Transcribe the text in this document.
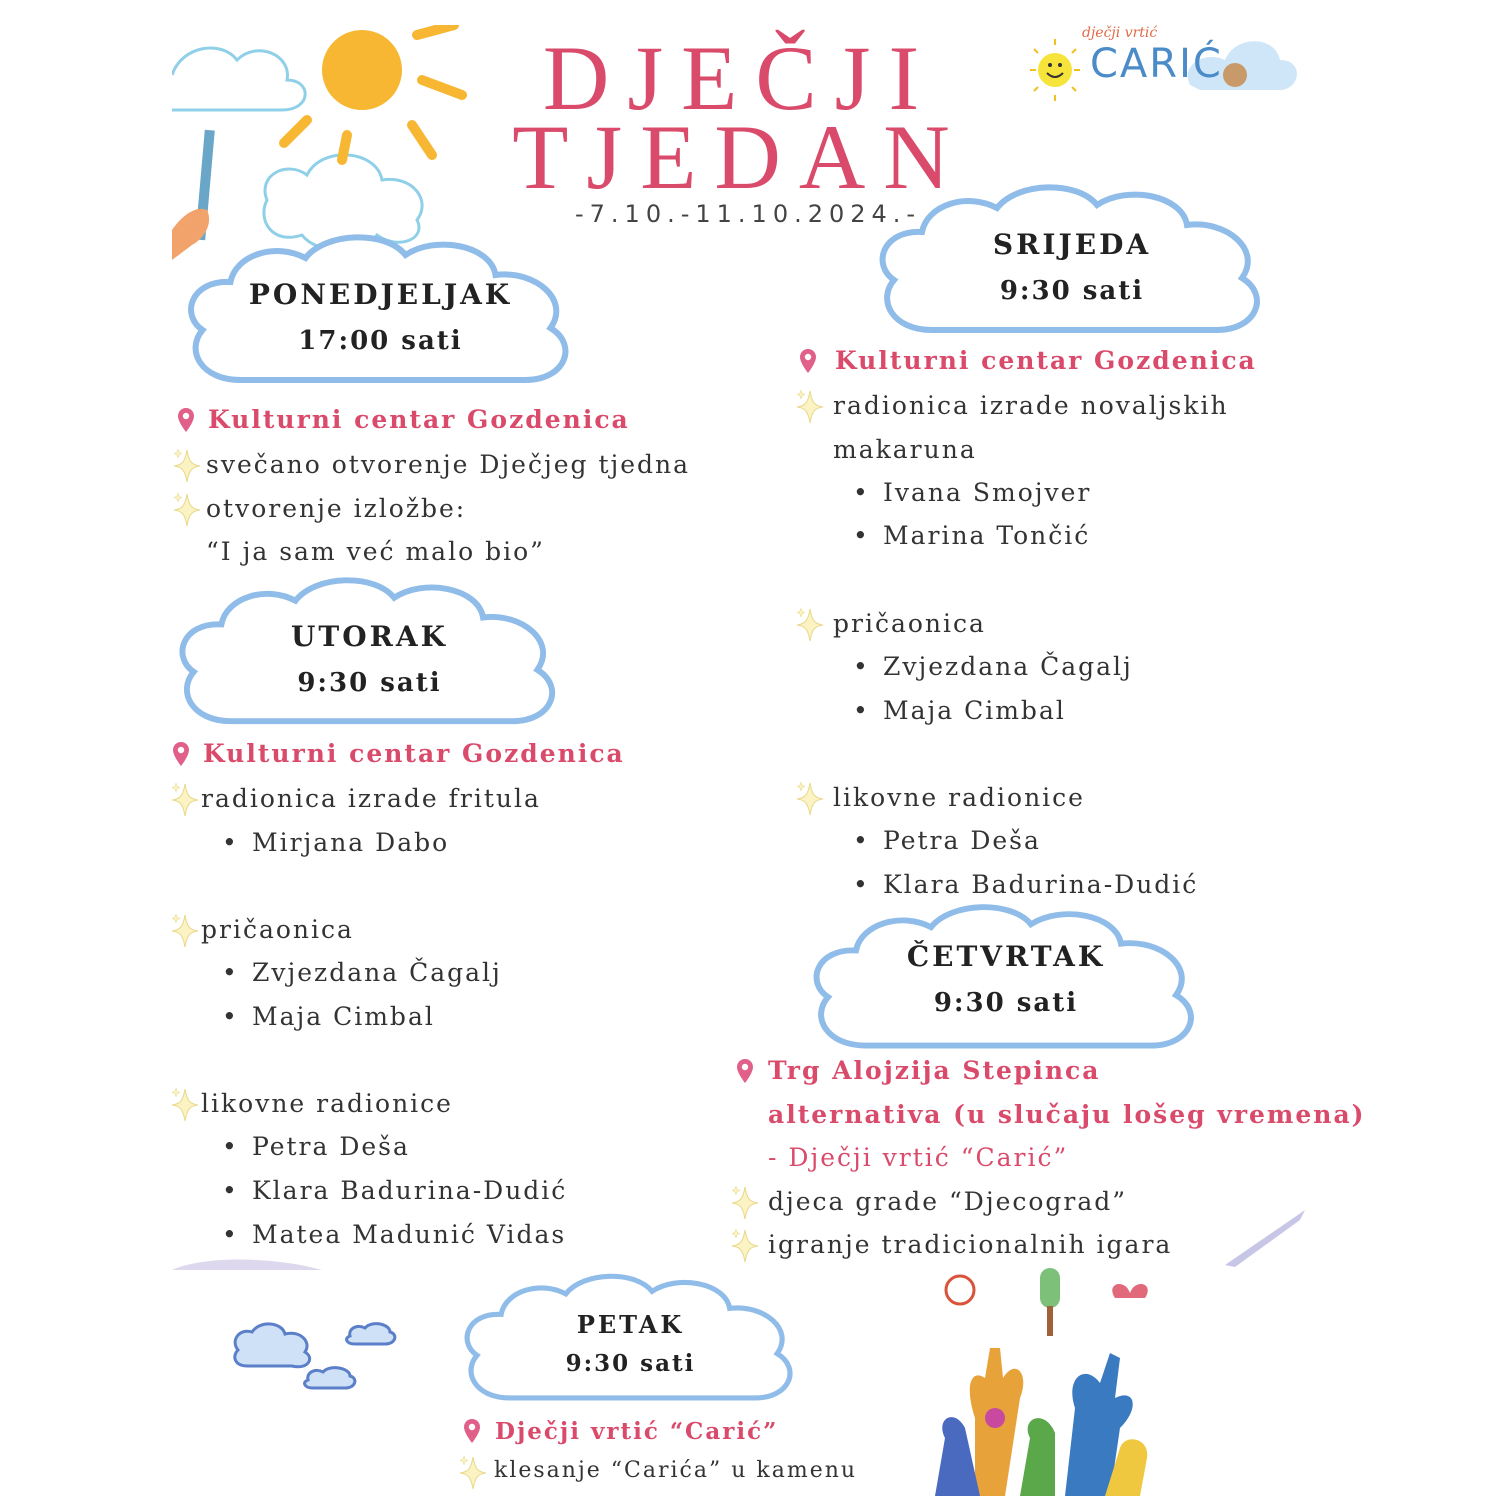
dječji vrtić
CARIĆ
DJEČJI
TJEDAN
-7.10.-11.10.2024.-
PONEDJELJAK
17:00 sati
Kulturni centar Gozdenica
svečano otvorenje Dječjeg tjedna
otvorenje izložbe:
“I ja sam već malo bio”
UTORAK
9:30 sati
Kulturni centar Gozdenica
radionica izrade fritula
• Mirjana Dabo
pričaonica
• Zvjezdana Čagalj
• Maja Cimbal
likovne radionice
• Petra Deša
• Klara Badurina-Dudić
• Matea Madunić Vidas
SRIJEDA
9:30 sati
Kulturni centar Gozdenica
radionica izrade novaljskih
makaruna
• Ivana Smojver
• Marina Tončić
pričaonica
• Zvjezdana Čagalj
• Maja Cimbal
likovne radionice
• Petra Deša
• Klara Badurina-Dudić
ČETVRTAK
9:30 sati
Trg Alojzija Stepinca
alternativa (u slučaju lošeg vremena)
- Dječji vrtić “Carić”
djeca grade “Djecograd”
igranje tradicionalnih igara
PETAK
9:30 sati
Dječji vrtić “Carić”
klesanje “Carića” u kamenu
